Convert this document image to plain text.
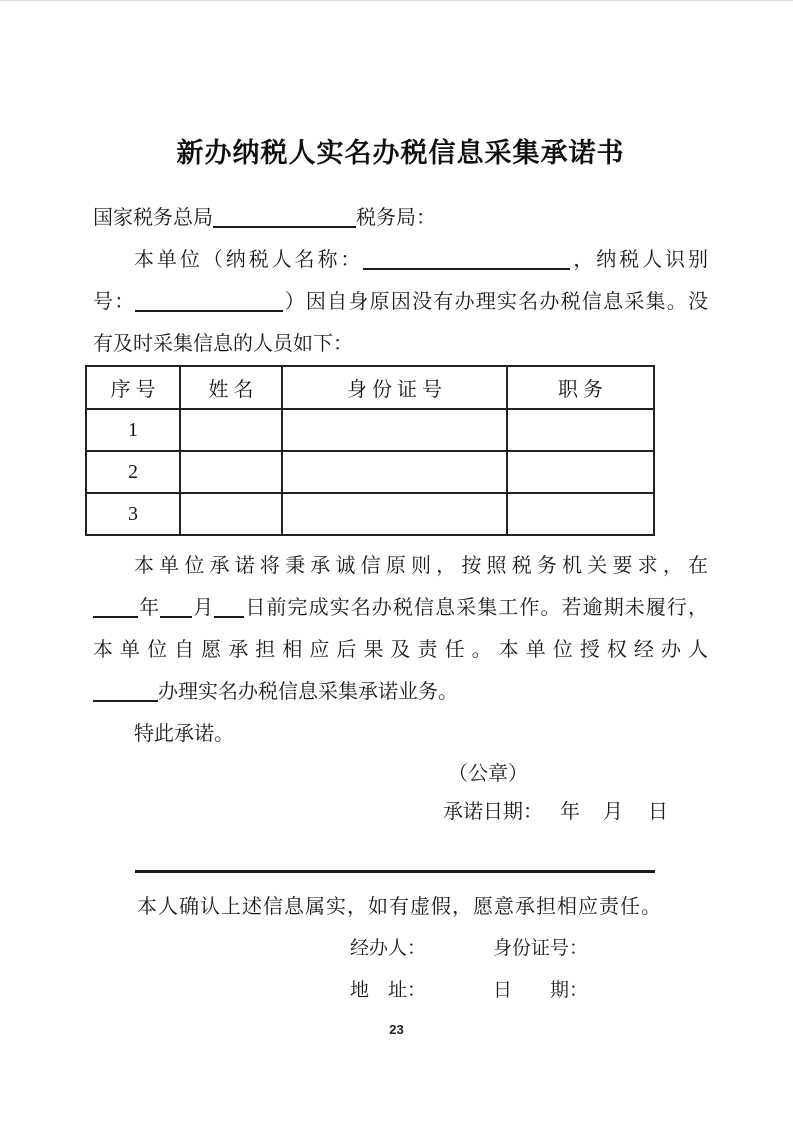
新办纳税人实名办税信息采集承诺书
国家税务总局	税务局：
本单位（纳税人名称：	，纳税人识别
号：	）因自身原因没有办理实名办税信息采集。没
有及时采集信息的人员如下：
序号	姓名	身份证号	职务
1			
2			
3			
本单位承诺将秉承诚信原则，按照税务机关要求，在
年 月 日前完成实名办税信息采集工作。若逾期未履行，
本单位自愿承担相应后果及责任。本单位授权经办人
办理实名办税信息采集承诺业务。
特此承诺。
（公章）
承诺日期： 年 月 日
本人确认上述信息属实，如有虚假，愿意承担相应责任。
经办人：	身份证号：
地　址：	日　　期：
23
